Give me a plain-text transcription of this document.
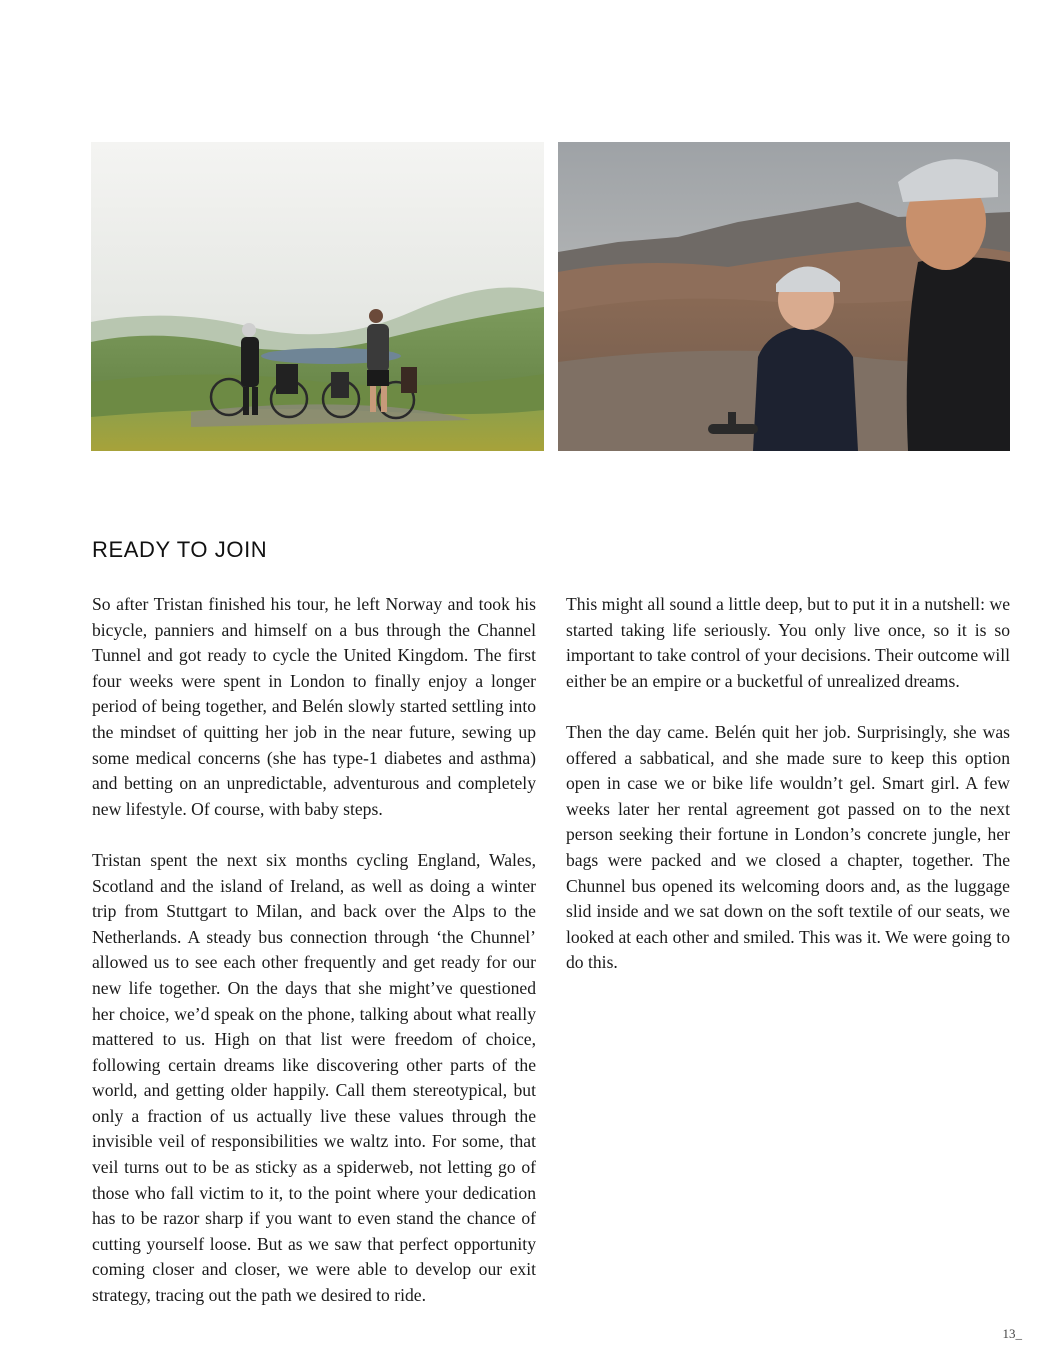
READY TO JOIN

So after Tristan finished his tour, he left Norway and took his bicycle, panniers and himself on a bus through the Channel Tunnel and got ready to cycle the United Kingdom. The first four weeks were spent in London to finally enjoy a longer period of being together, and Belén slowly started settling into the mindset of quitting her job in the near future, sewing up some medical concerns (she has type-1 diabetes and asthma) and betting on an unpredictable, adventurous and completely new lifestyle. Of course, with baby steps.

Tristan spent the next six months cycling England, Wales, Scotland and the island of Ireland, as well as doing a winter trip from Stuttgart to Milan, and back over the Alps to the Netherlands. A steady bus connection through ‘the Chunnel’ allowed us to see each other frequently and get ready for our new life together. On the days that she might’ve questioned her choice, we’d speak on the phone, talking about what really mattered to us. High on that list were freedom of choice, following certain dreams like discovering other parts of the world, and getting older happily. Call them stereotypical, but only a fraction of us actually live these values through the invisible veil of responsibilities we waltz into. For some, that veil turns out to be as sticky as a spiderweb, not letting go of those who fall victim to it, to the point where your dedication has to be razor sharp if you want to even stand the chance of cutting yourself loose. But as we saw that perfect opportunity coming closer and closer, we were able to develop our exit strategy, tracing out the path we desired to ride.

This might all sound a little deep, but to put it in a nutshell: we started taking life seriously. You only live once, so it is so important to take control of your decisions. Their outcome will either be an empire or a bucketful of unrealized dreams.

Then the day came. Belén quit her job. Surprisingly, she was offered a sabbatical, and she made sure to keep this option open in case we or bike life wouldn’t gel. Smart girl. A few weeks later her rental agreement got passed on to the next person seeking their fortune in London’s concrete jungle, her bags were packed and we closed a chapter, together. The Chunnel bus opened its welcoming doors and, as the luggage slid inside and we sat down on the soft textile of our seats, we looked at each other and smiled. This was it. We were going to do this.

13_
